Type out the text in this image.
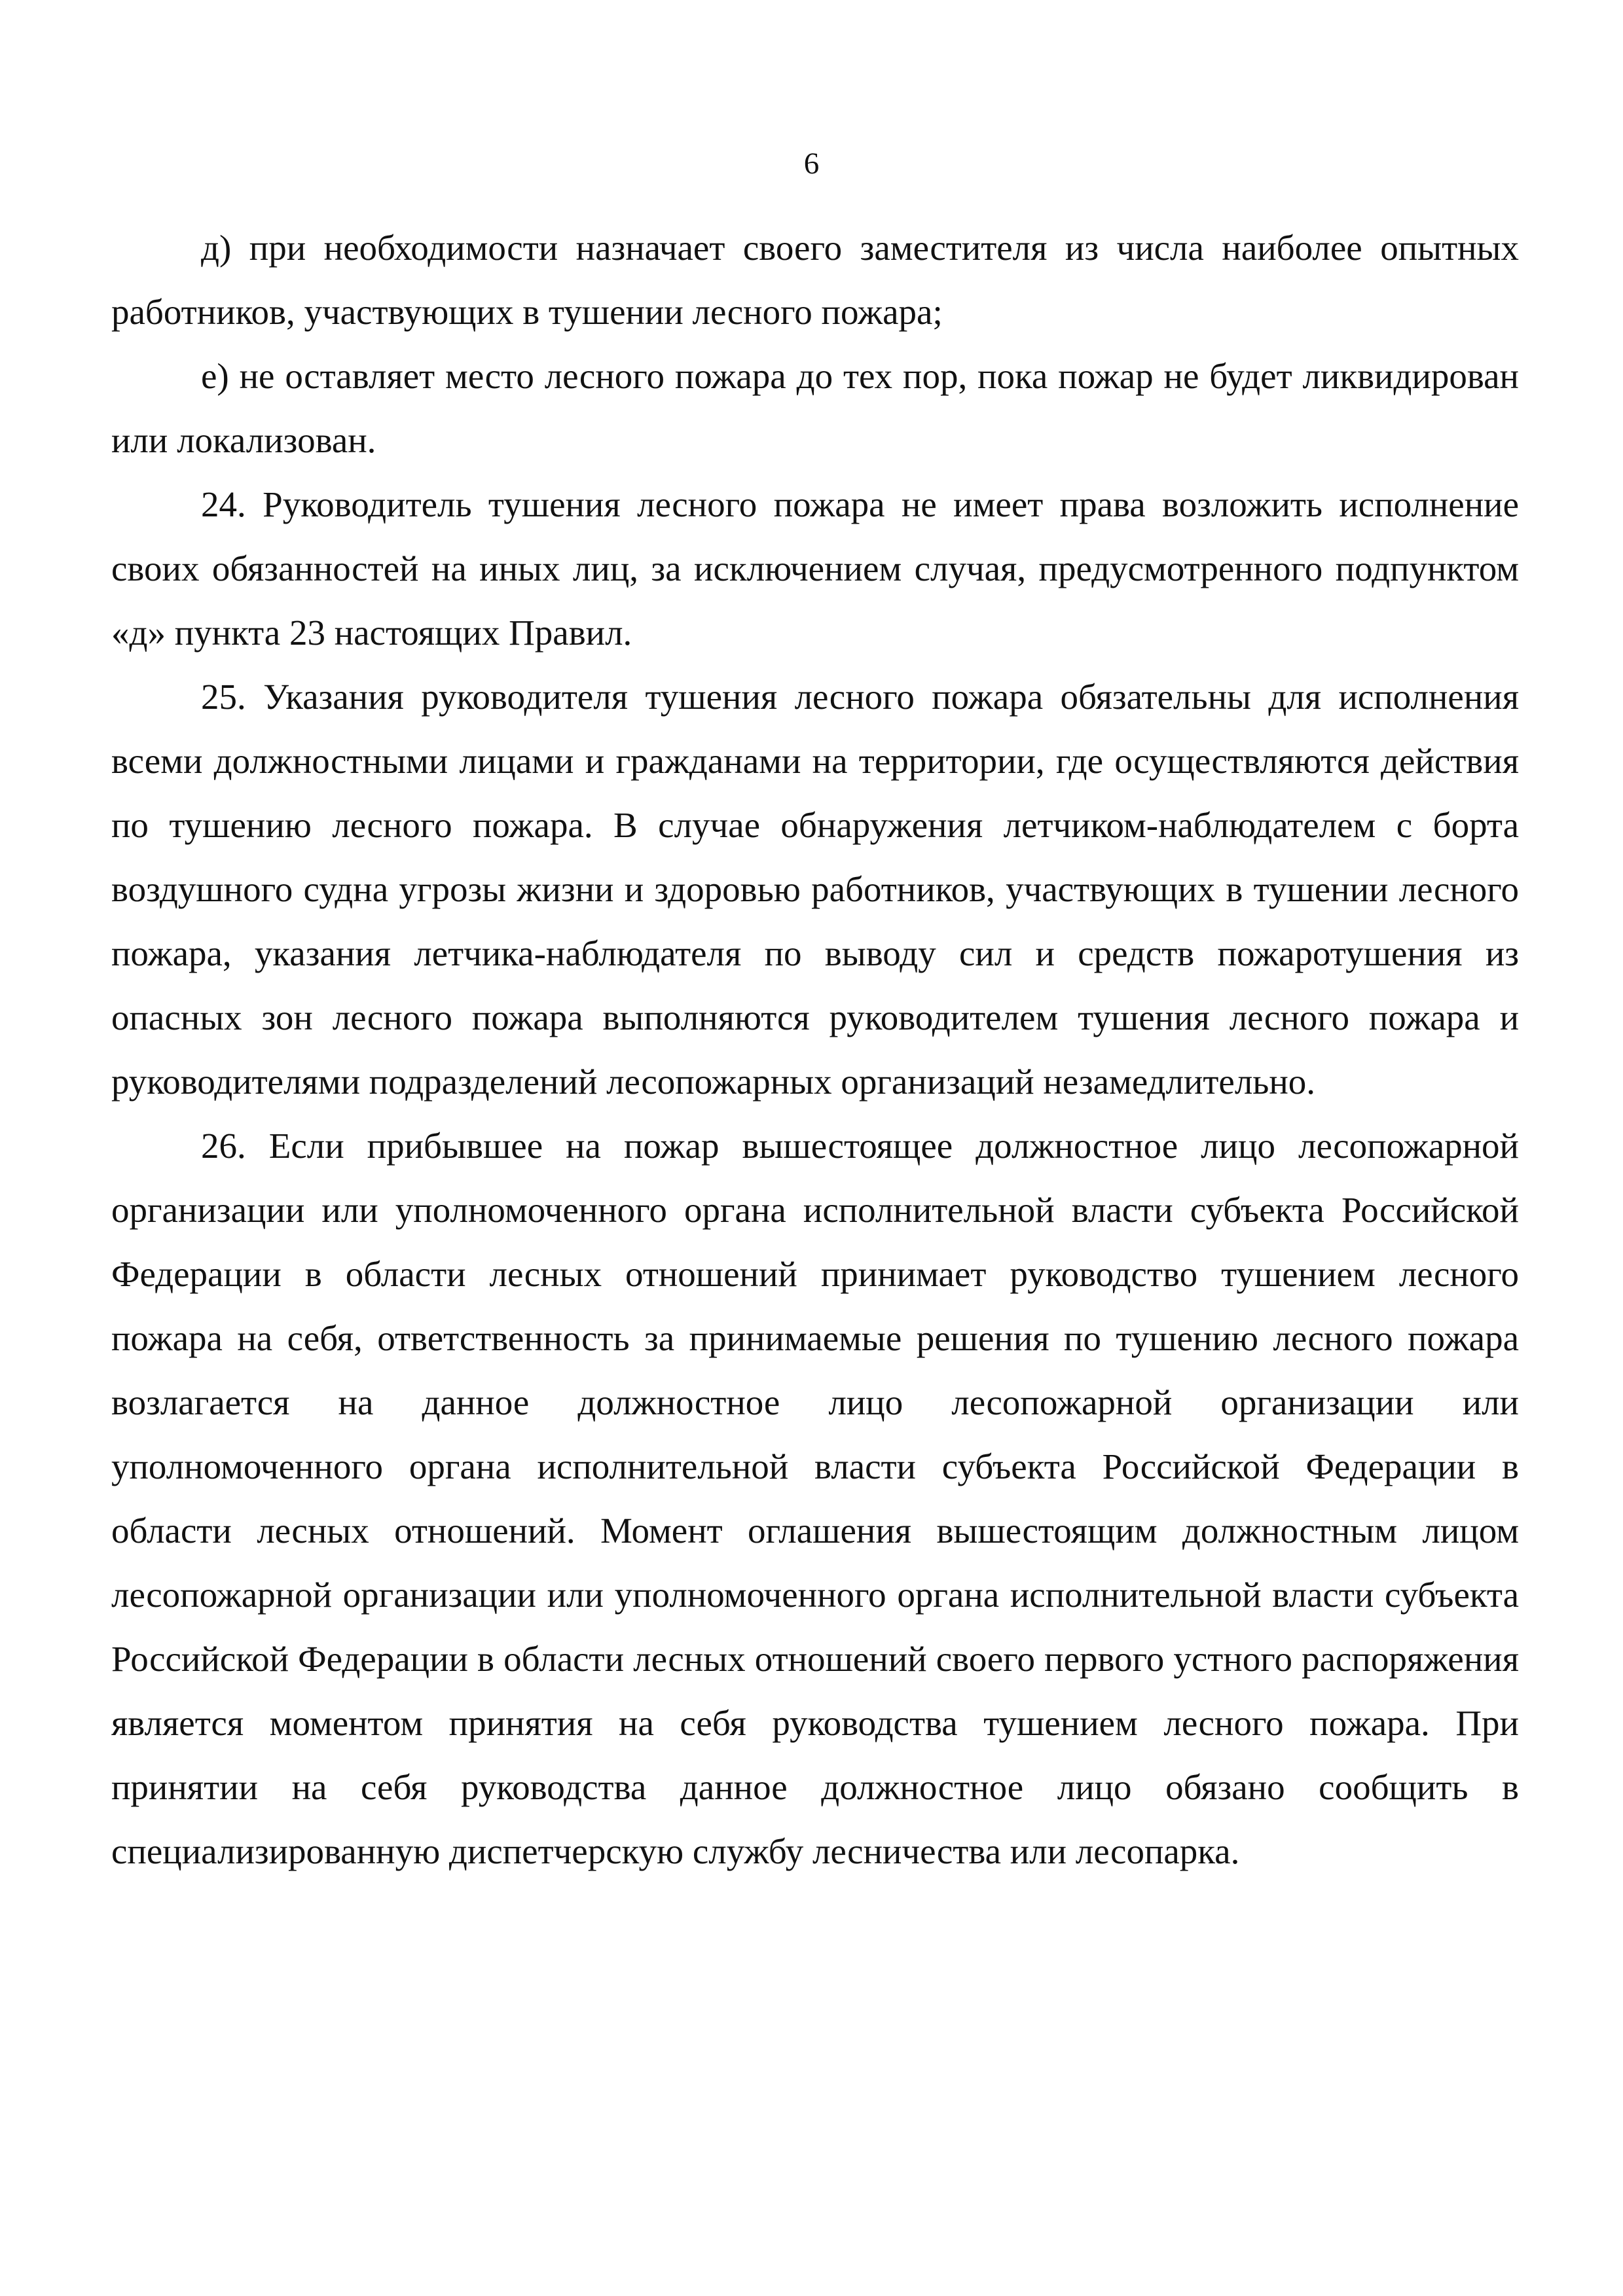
6

д) при необходимости назначает своего заместителя из числа наиболее опытных работников, участвующих в тушении лесного пожара;

е) не оставляет место лесного пожара до тех пор, пока пожар не будет ликвидирован или локализован.

24. Руководитель тушения лесного пожара не имеет права возложить исполнение своих обязанностей на иных лиц, за исключением случая, предусмотренного подпунктом «д» пункта 23 настоящих Правил.

25. Указания руководителя тушения лесного пожара обязательны для исполнения всеми должностными лицами и гражданами на территории, где осуществляются действия по тушению лесного пожара. В случае обнаружения летчиком-наблюдателем с борта воздушного судна угрозы жизни и здоровью работников, участвующих в тушении лесного пожара, указания летчика-наблюдателя по выводу сил и средств пожаротушения из опасных зон лесного пожара выполняются руководителем тушения лесного пожара и руководителями подразделений лесопожарных организаций незамедлительно.

26. Если прибывшее на пожар вышестоящее должностное лицо лесопожарной организации или уполномоченного органа исполнительной власти субъекта Российской Федерации в области лесных отношений принимает руководство тушением лесного пожара на себя, ответственность за принимаемые решения по тушению лесного пожара возлагается на данное должностное лицо лесопожарной организации или уполномоченного органа исполнительной власти субъекта Российской Федерации в области лесных отношений. Момент оглашения вышестоящим должностным лицом лесопожарной организации или уполномоченного органа исполнительной власти субъекта Российской Федерации в области лесных отношений своего первого устного распоряжения является моментом принятия на себя руководства тушением лесного пожара. При принятии на себя руководства данное должностное лицо обязано сообщить в специализированную диспетчерскую службу лесничества или лесопарка.
